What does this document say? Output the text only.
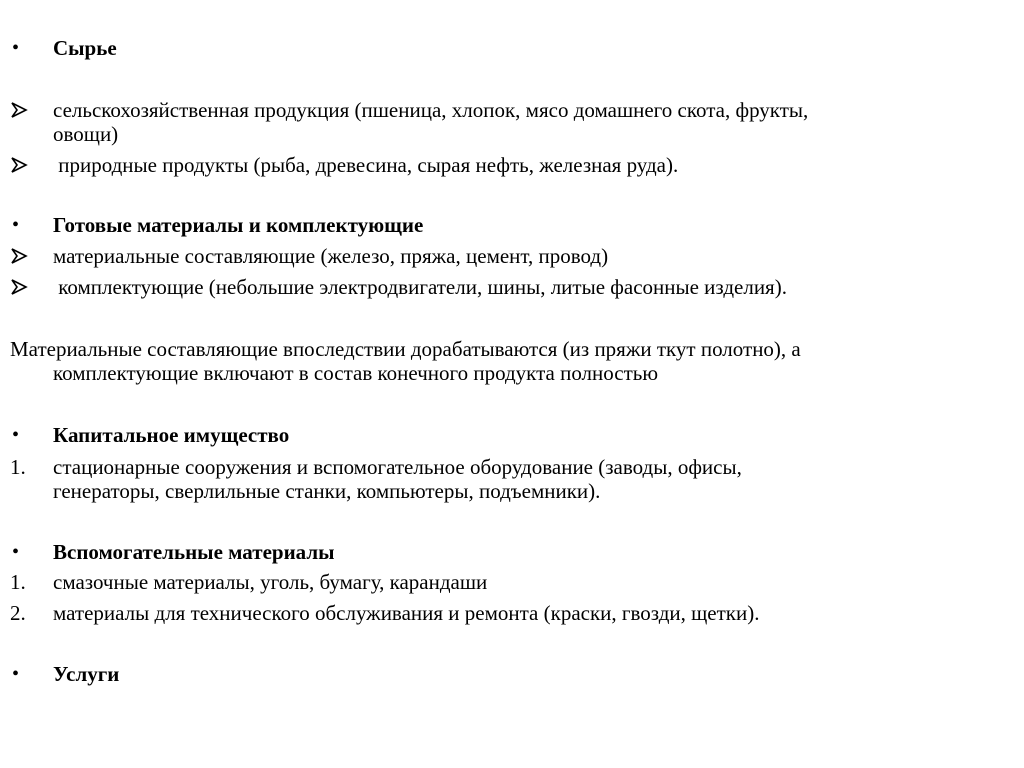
•	Сырье
сельскохозяйственная продукция (пшеница, хлопок, мясо домашнего скота, фрукты,
овощи)
природные продукты (рыба, древесина, сырая нефть, железная руда).
•	Готовые материалы и комплектующие
материальные составляющие (железо, пряжа, цемент, провод)
комплектующие (небольшие электродвигатели, шины, литые фасонные изделия).
Материальные составляющие впоследствии дорабатываются (из пряжи ткут полотно), а
комплектующие включают в состав конечного продукта полностью
•	Капитальное имущество
1.	стационарные сооружения и вспомогательное оборудование (заводы, офисы,
генераторы, сверлильные станки, компьютеры, подъемники).
•	Вспомогательные материалы
1.	смазочные материалы, уголь, бумагу, карандаши
2.	материалы для технического обслуживания и ремонта (краски, гвозди, щетки).
•	Услуги
